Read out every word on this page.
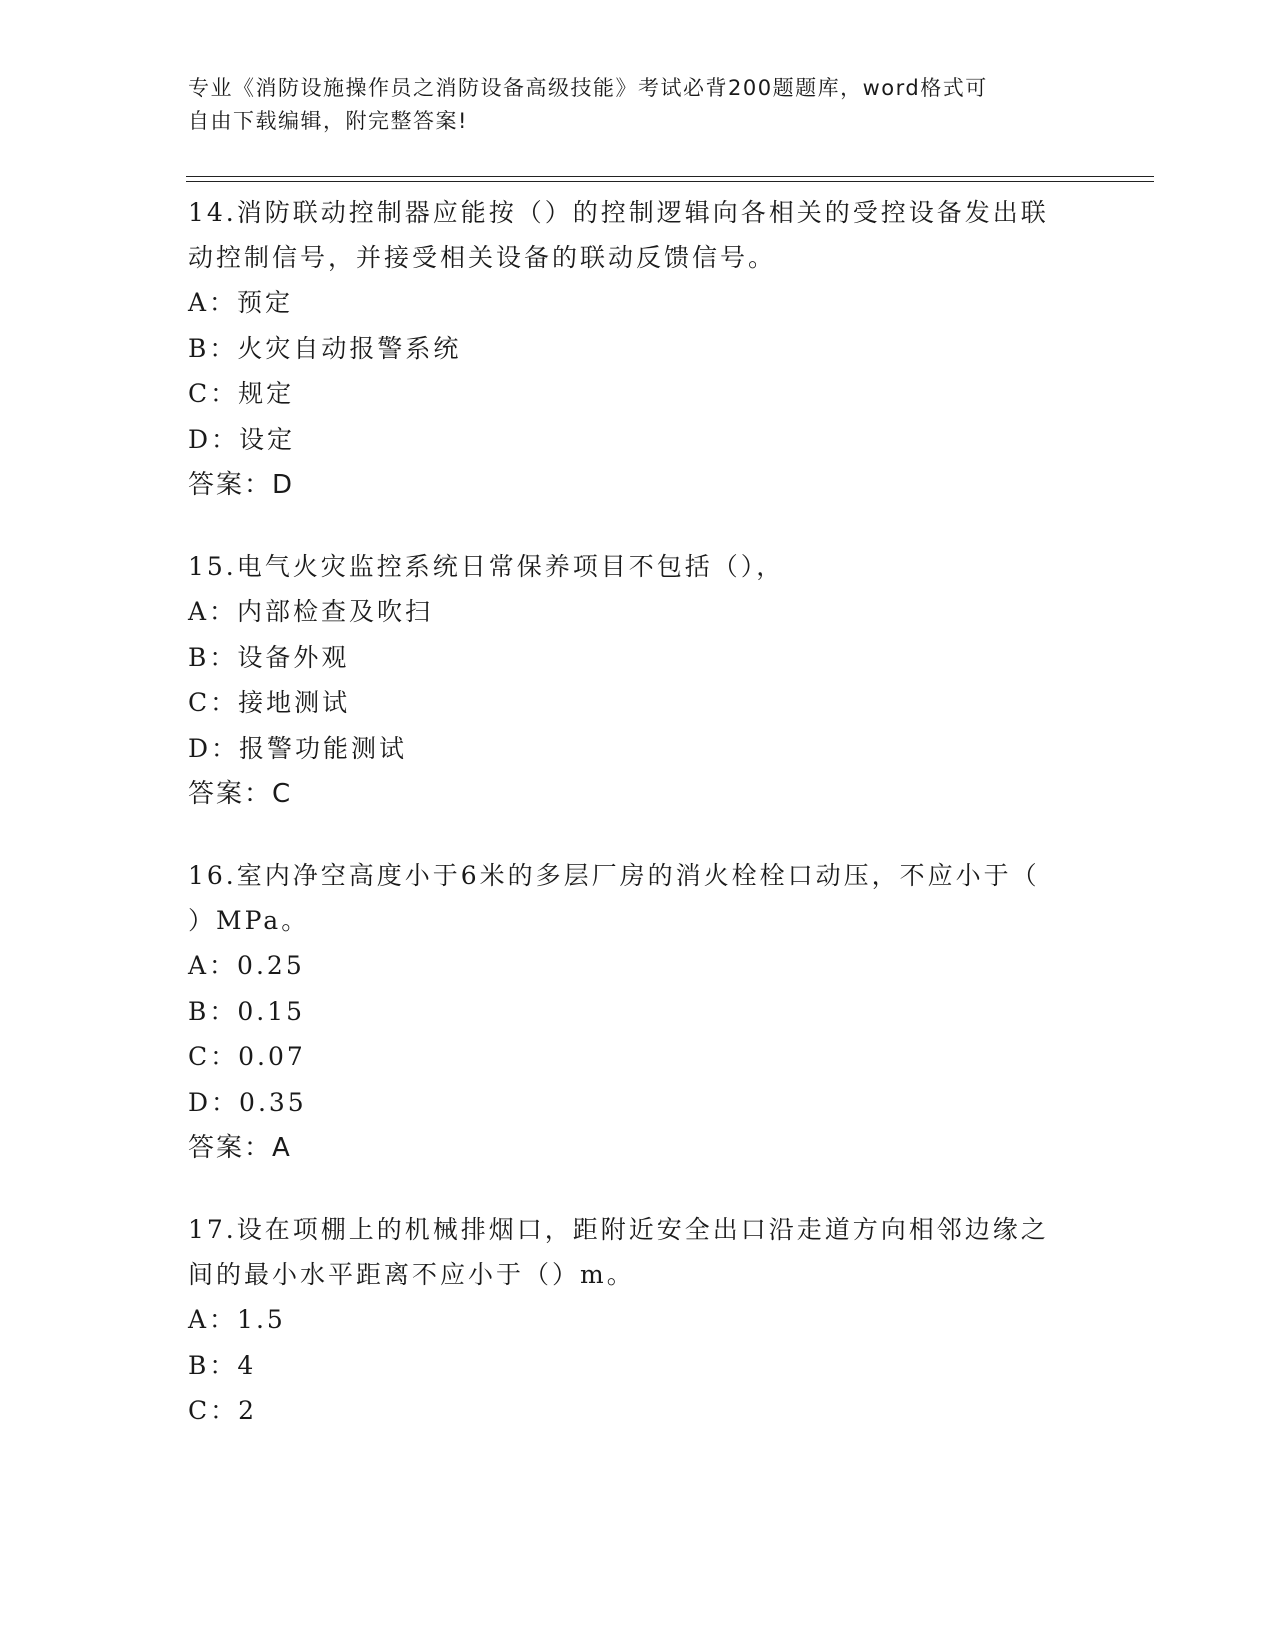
专业《消防设施操作员之消防设备高级技能》考试必背200题题库，word格式可
自由下载编辑，附完整答案!
14.消防联动控制器应能按（）的控制逻辑向各相关的受控设备发出联
动控制信号，并接受相关设备的联动反馈信号。
A：预定
B：火灾自动报警系统
C：规定
D：设定
答案：D
15.电气火灾监控系统日常保养项目不包括（），
A：内部检查及吹扫
B：设备外观
C：接地测试
D：报警功能测试
答案：C
16.室内净空高度小于6米的多层厂房的消火栓栓口动压，不应小于（
）MPa。
A：0.25
B：0.15
C：0.07
D：0.35
答案：A
17.设在项棚上的机械排烟口，距附近安全出口沿走道方向相邻边缘之
间的最小水平距离不应小于（）m。
A：1.5
B：4
C：2
